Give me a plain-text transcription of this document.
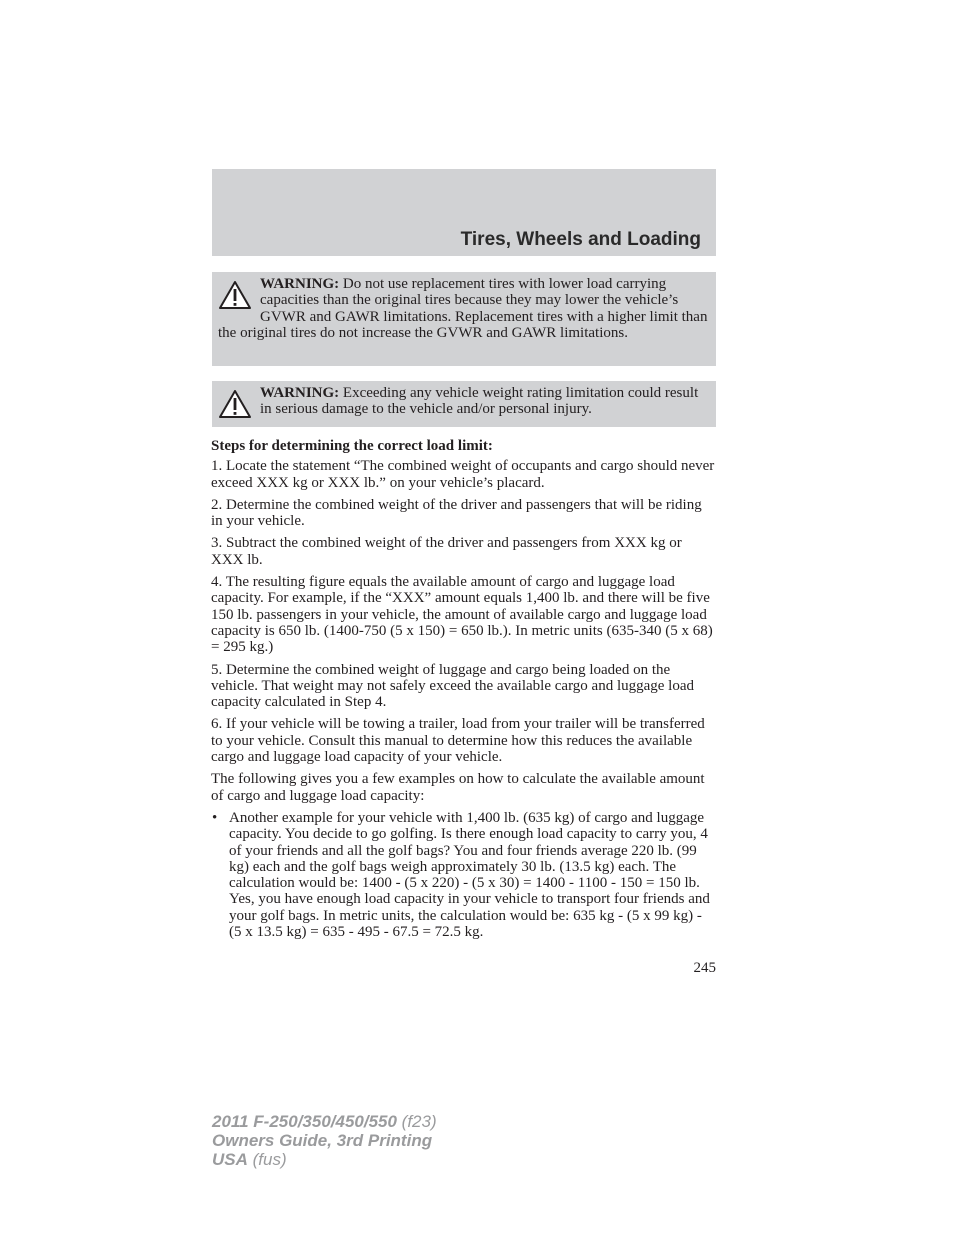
Tires, Wheels and Loading
WARNING: Do not use replacement tires with lower load carrying capacities than the original tires because they may lower the vehicle’s GVWR and GAWR limitations. Replacement tires with a higher limit than the original tires do not increase the GVWR and GAWR limitations.
WARNING: Exceeding any vehicle weight rating limitation could result in serious damage to the vehicle and/or personal injury.

Steps for determining the correct load limit:

1. Locate the statement “The combined weight of occupants and cargo should never exceed XXX kg or XXX lb.” on your vehicle’s placard.

2. Determine the combined weight of the driver and passengers that will be riding in your vehicle.

3. Subtract the combined weight of the driver and passengers from XXX kg or XXX lb.

4. The resulting figure equals the available amount of cargo and luggage load capacity. For example, if the “XXX” amount equals 1,400 lb. and there will be five 150 lb. passengers in your vehicle, the amount of available cargo and luggage load capacity is 650 lb. (1400-750 (5 x 150) = 650 lb.). In metric units (635-340 (5 x 68) = 295 kg.)

5. Determine the combined weight of luggage and cargo being loaded on the vehicle. That weight may not safely exceed the available cargo and luggage load capacity calculated in Step 4.

6. If your vehicle will be towing a trailer, load from your trailer will be transferred to your vehicle. Consult this manual to determine how this reduces the available cargo and luggage load capacity of your vehicle.

The following gives you a few examples on how to calculate the available amount of cargo and luggage load capacity:

• Another example for your vehicle with 1,400 lb. (635 kg) of cargo and luggage capacity. You decide to go golfing. Is there enough load capacity to carry you, 4 of your friends and all the golf bags? You and four friends average 220 lb. (99 kg) each and the golf bags weigh approximately 30 lb. (13.5 kg) each. The calculation would be: 1400 - (5 x 220) - (5 x 30) = 1400 - 1100 - 150 = 150 lb. Yes, you have enough load capacity in your vehicle to transport four friends and your golf bags. In metric units, the calculation would be: 635 kg - (5 x 99 kg) - (5 x 13.5 kg) = 635 - 495 - 67.5 = 72.5 kg.
245
2011 F-250/350/450/550 (f23)
Owners Guide, 3rd Printing
USA (fus)
